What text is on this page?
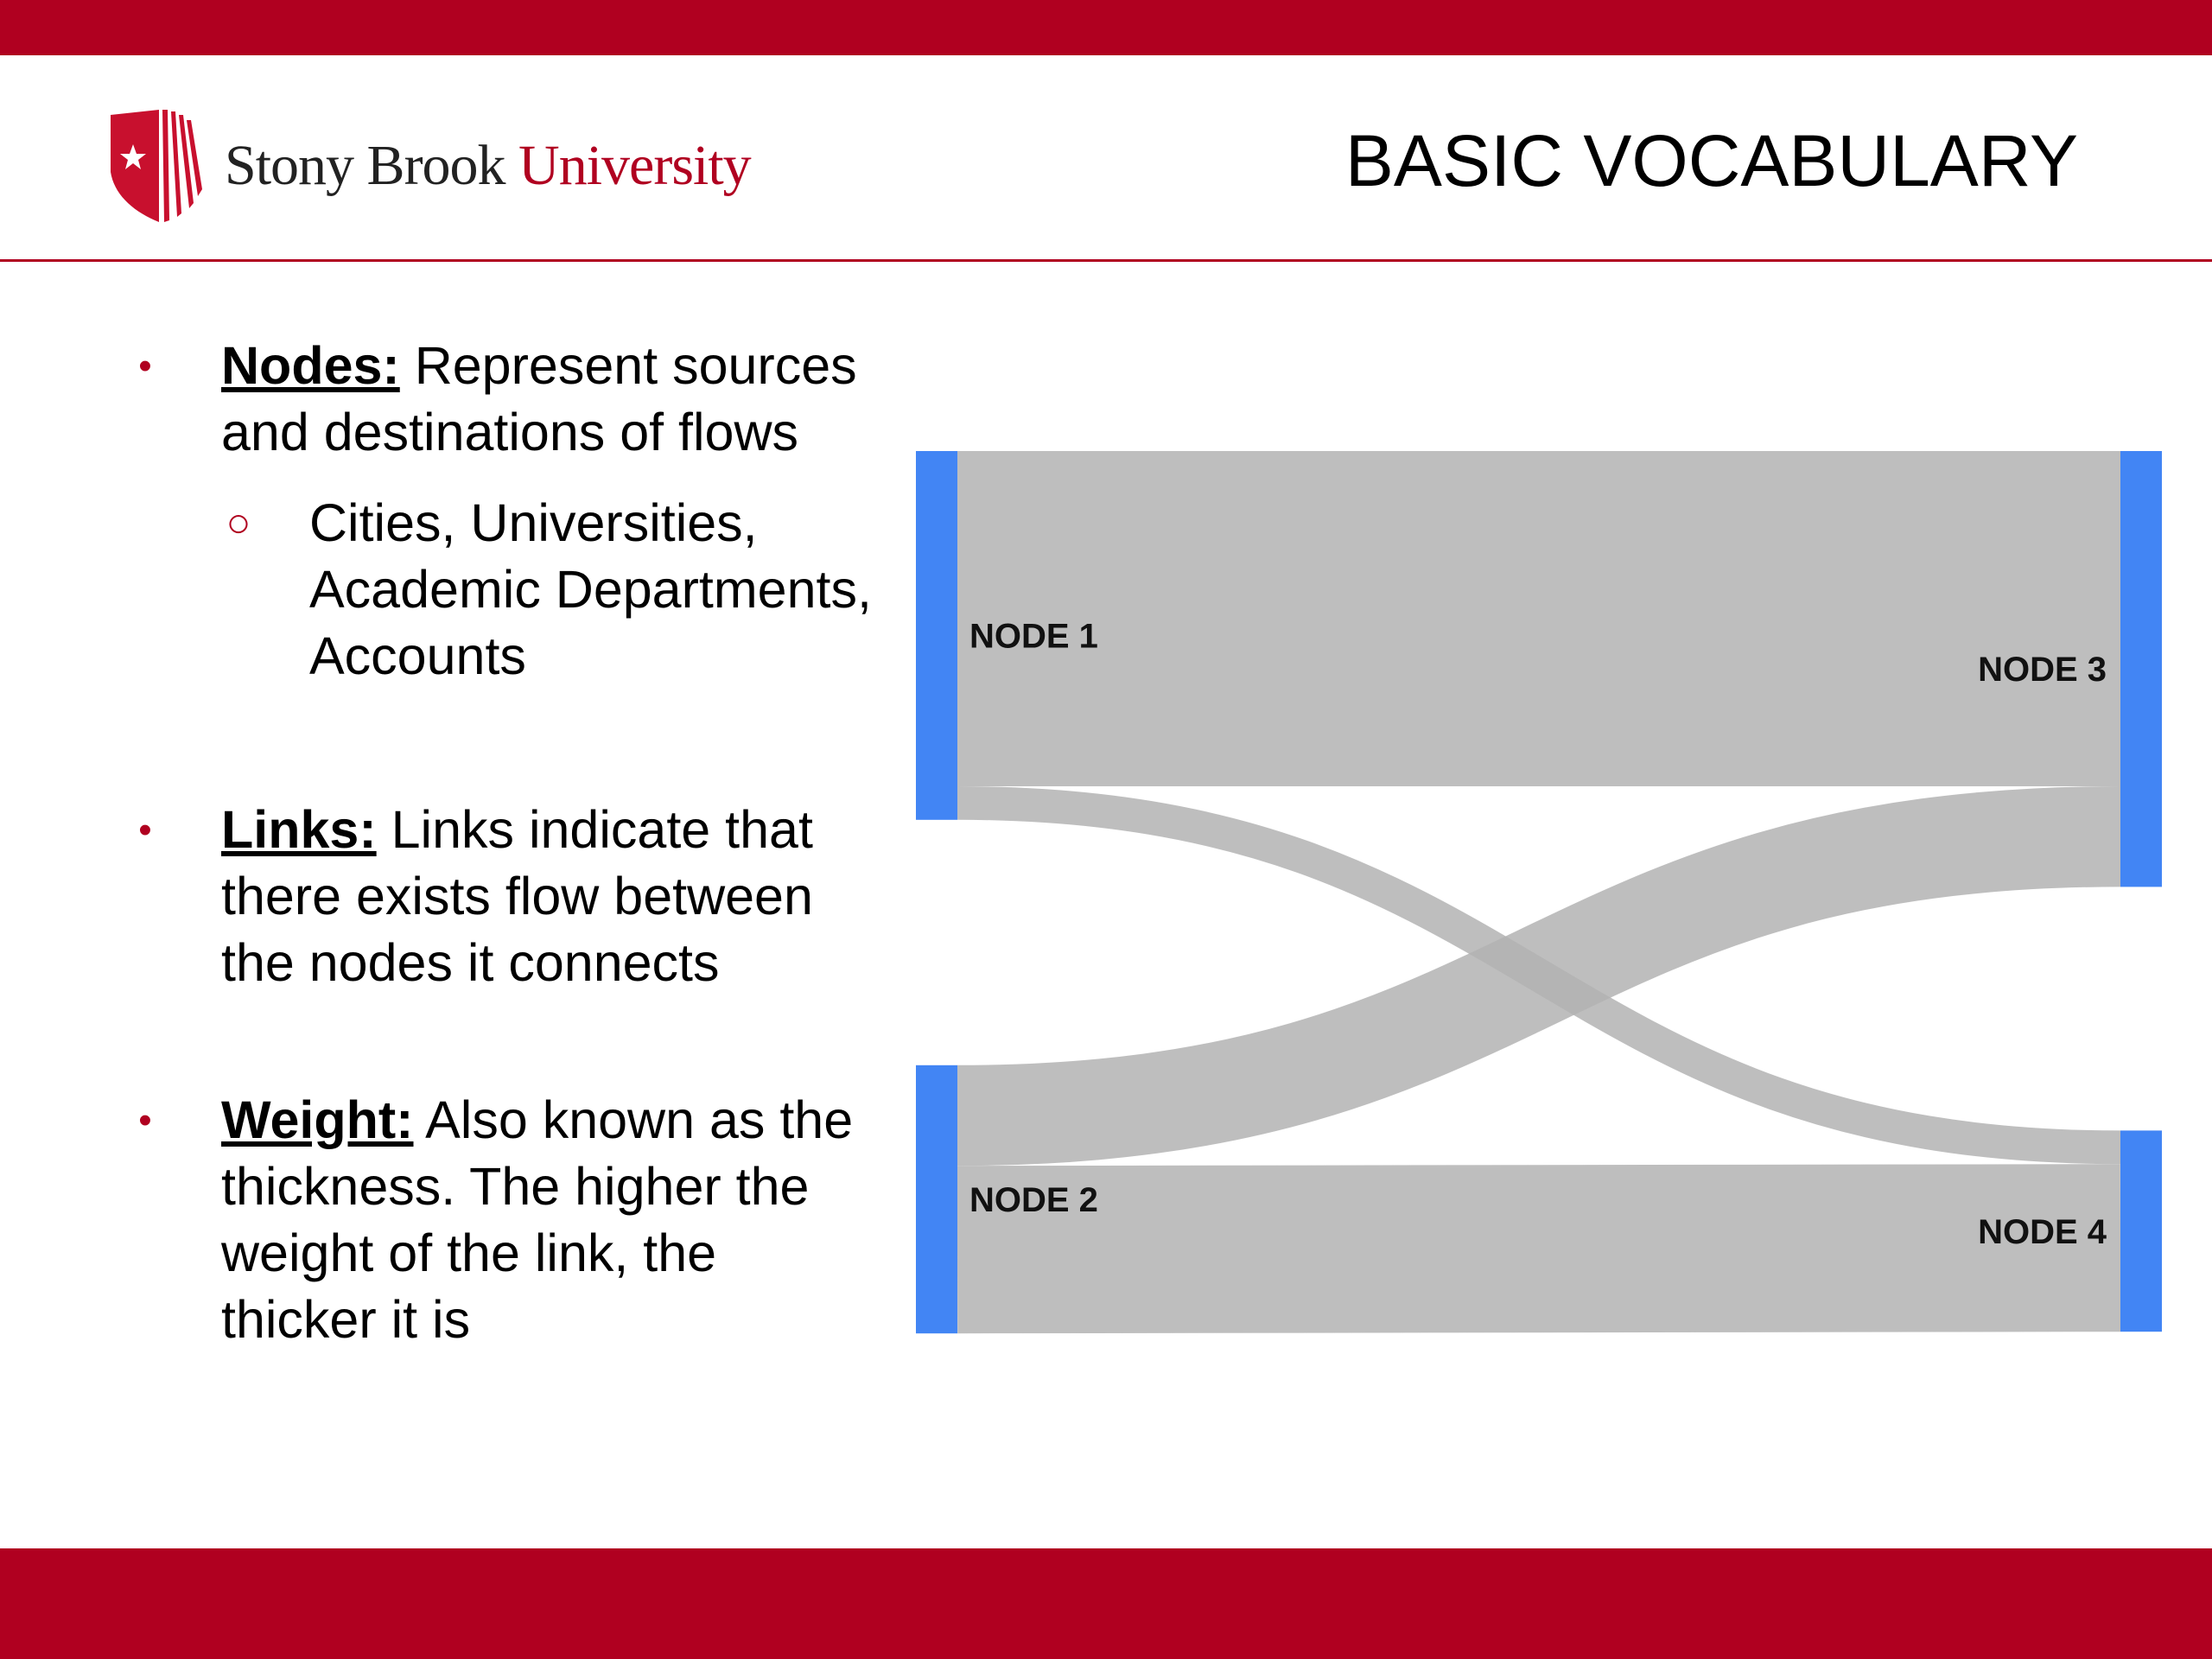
Stony Brook University	BASIC VOCABULARY
• Nodes: Represent sources and destinations of flows
○ Cities, Universities, Academic Departments, Accounts
• Links: Links indicate that there exists flow between the nodes it connects
• Weight: Also known as the thickness. The higher the weight of the link, the thicker it is
NODE 1
NODE 2
NODE 3
NODE 4
